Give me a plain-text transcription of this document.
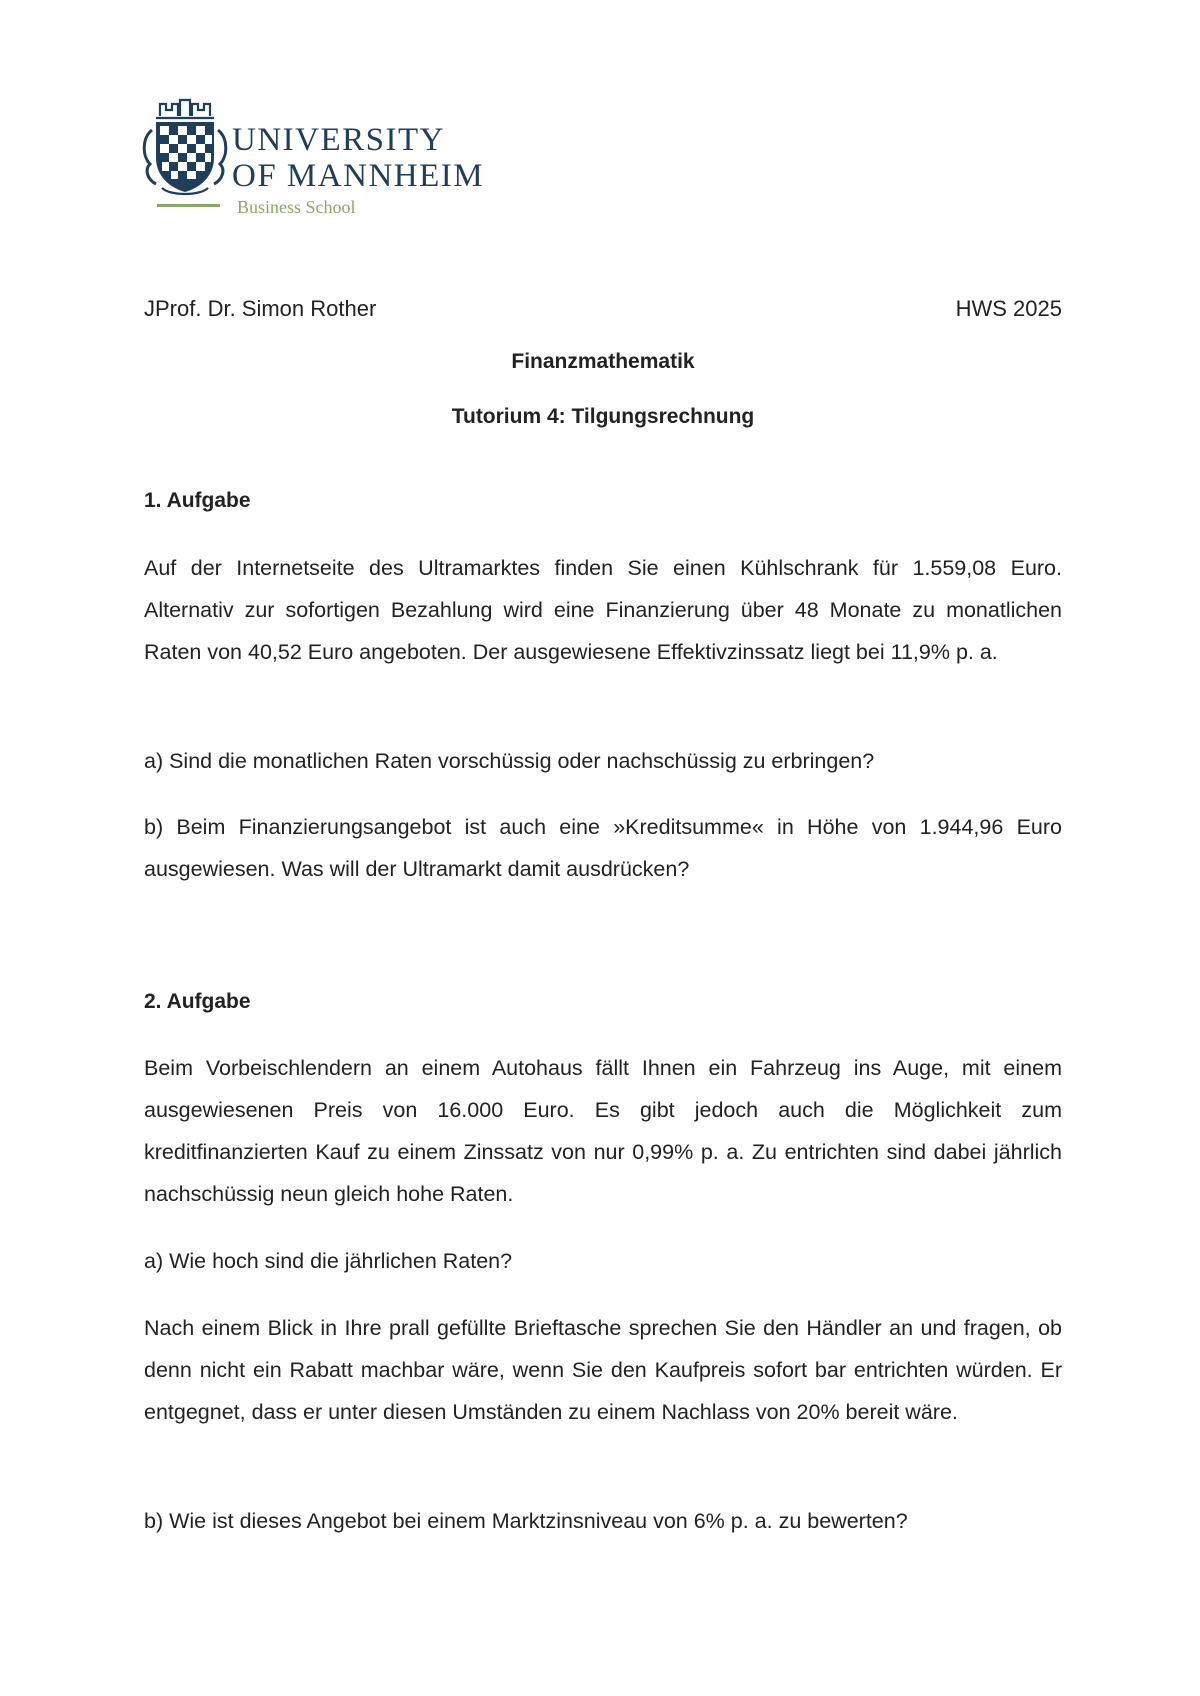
UNIVERSITY
OF MANNHEIM
Business School
JProf. Dr. Simon Rother	HWS 2025
Finanzmathematik
Tutorium 4: Tilgungsrechnung
1. Aufgabe

Auf der Internetseite des Ultramarktes finden Sie einen Kühlschrank für 1.559,08 Euro. Alternativ zur sofortigen Bezahlung wird eine Finanzierung über 48 Monate zu monatlichen Raten von 40,52 Euro angeboten. Der ausgewiesene Effektivzinssatz liegt bei 11,9% p. a.

a) Sind die monatlichen Raten vorschüssig oder nachschüssig zu erbringen?

b) Beim Finanzierungsangebot ist auch eine »Kreditsumme« in Höhe von 1.944,96 Euro ausgewiesen. Was will der Ultramarkt damit ausdrücken?

2. Aufgabe

Beim Vorbeischlendern an einem Autohaus fällt Ihnen ein Fahrzeug ins Auge, mit einem ausgewiesenen Preis von 16.000 Euro. Es gibt jedoch auch die Möglichkeit zum kreditfinanzierten Kauf zu einem Zinssatz von nur 0,99% p. a. Zu entrichten sind dabei jährlich nachschüssig neun gleich hohe Raten.

a) Wie hoch sind die jährlichen Raten?

Nach einem Blick in Ihre prall gefüllte Brieftasche sprechen Sie den Händler an und fragen, ob denn nicht ein Rabatt machbar wäre, wenn Sie den Kaufpreis sofort bar entrichten würden. Er entgegnet, dass er unter diesen Umständen zu einem Nachlass von 20% bereit wäre.

b) Wie ist dieses Angebot bei einem Marktzinsniveau von 6% p. a. zu bewerten?
